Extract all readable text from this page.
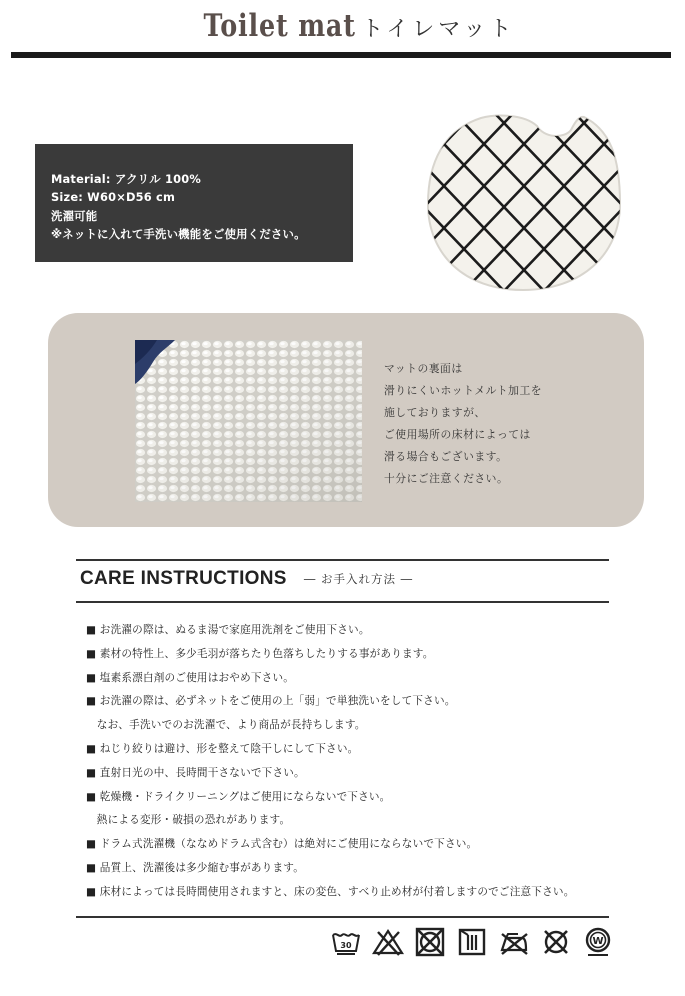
Toilet mat トイレマット
Material: アクリル 100%
Size: W60×D56 cm
洗濯可能
※ネットに入れて手洗い機能をご使用ください。
マットの裏面は
滑りにくいホットメルト加工を
施しておりますが、
ご使用場所の床材によっては
滑る場合もございます。
十分にご注意ください。
CARE INSTRUCTIONS ― お手入れ方法 ―
■ お洗濯の際は、ぬるま湯で家庭用洗剤をご使用下さい。
■ 素材の特性上、多少毛羽が落ちたり色落ちしたりする事があります。
■ 塩素系漂白剤のご使用はおやめ下さい。
■ お洗濯の際は、必ずネットをご使用の上「弱」で単独洗いをして下さい。
　なお、手洗いでのお洗濯で、より商品が長持ちします。
■ ねじり絞りは避け、形を整えて陰干しにして下さい。
■ 直射日光の中、長時間干さないで下さい。
■ 乾燥機・ドライクリーニングはご使用にならないで下さい。
　熱による変形・破損の恐れがあります。
■ ドラム式洗濯機（ななめドラム式含む）は絶対にご使用にならないで下さい。
■ 品質上、洗濯後は多少縮む事があります。
■ 床材によっては長時間使用されますと、床の変色、すべり止め材が付着しますのでご注意下さい。
30	W
